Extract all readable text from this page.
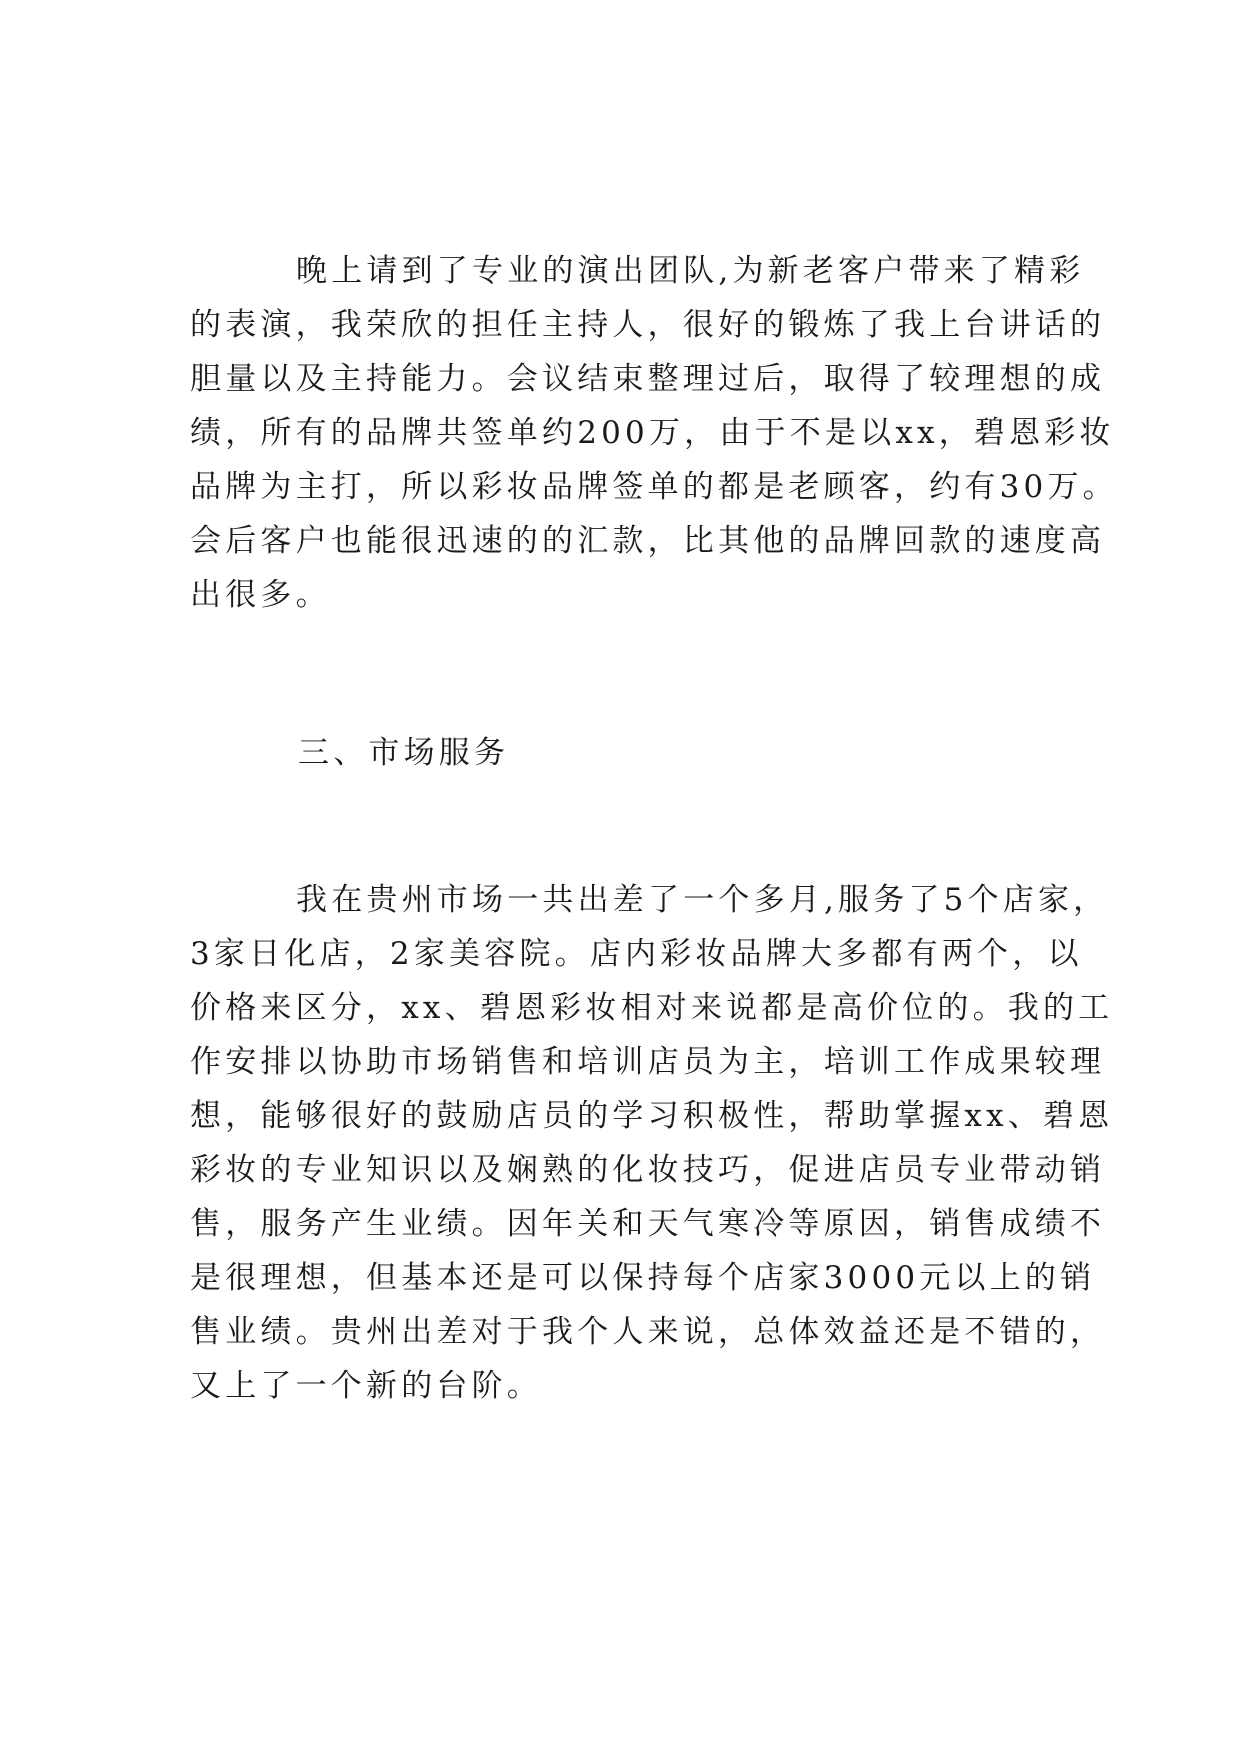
晚上请到了专业的演出团队,为新老客户带来了精彩
的表演，我荣欣的担任主持人，很好的锻炼了我上台讲话的
胆量以及主持能力。会议结束整理过后，取得了较理想的成
绩，所有的品牌共签单约200万，由于不是以xx，碧恩彩妆
品牌为主打，所以彩妆品牌签单的都是老顾客，约有30万。
会后客户也能很迅速的的汇款，比其他的品牌回款的速度高
出很多。
三、市场服务
我在贵州市场一共出差了一个多月,服务了5个店家，
3家日化店，2家美容院。店内彩妆品牌大多都有两个，以
价格来区分，xx、碧恩彩妆相对来说都是高价位的。我的工
作安排以协助市场销售和培训店员为主，培训工作成果较理
想，能够很好的鼓励店员的学习积极性，帮助掌握xx、碧恩
彩妆的专业知识以及娴熟的化妆技巧，促进店员专业带动销
售，服务产生业绩。因年关和天气寒冷等原因，销售成绩不
是很理想，但基本还是可以保持每个店家3000元以上的销
售业绩。贵州出差对于我个人来说，总体效益还是不错的，
又上了一个新的台阶。
